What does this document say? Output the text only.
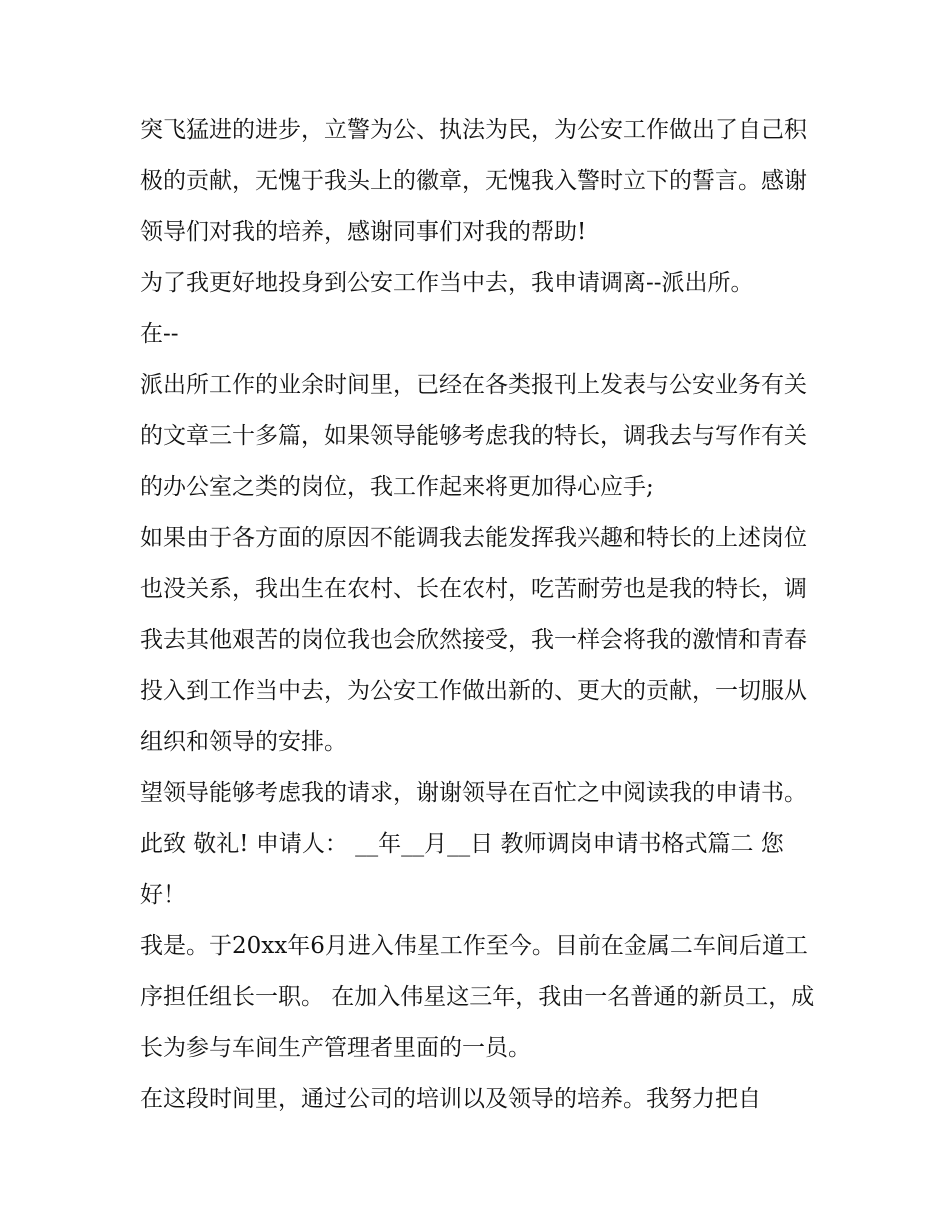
突飞猛进的进步，立警为公、执法为民，为公安工作做出了自己积极的贡献，无愧于我头上的徽章，无愧我入警时立下的誓言。感谢领导们对我的培养，感谢同事们对我的帮助!

为了我更好地投身到公安工作当中去，我申请调离--派出所。

在--

派出所工作的业余时间里，已经在各类报刊上发表与公安业务有关的文章三十多篇，如果领导能够考虑我的特长，调我去与写作有关的办公室之类的岗位，我工作起来将更加得心应手;

如果由于各方面的原因不能调我去能发挥我兴趣和特长的上述岗位也没关系，我出生在农村、长在农村，吃苦耐劳也是我的特长，调我去其他艰苦的岗位我也会欣然接受，我一样会将我的激情和青春投入到工作当中去，为公安工作做出新的、更大的贡献，一切服从组织和领导的安排。

望领导能够考虑我的请求，谢谢领导在百忙之中阅读我的申请书。 此致 敬礼! 申请人： __年__月__日 教师调岗申请书格式篇二 您好！

我是。于20xx年6月进入伟星工作至今。目前在金属二车间后道工序担任组长一职。 在加入伟星这三年，我由一名普通的新员工，成长为参与车间生产管理者里面的一员。

在这段时间里，通过公司的培训以及领导的培养。我努力把自
